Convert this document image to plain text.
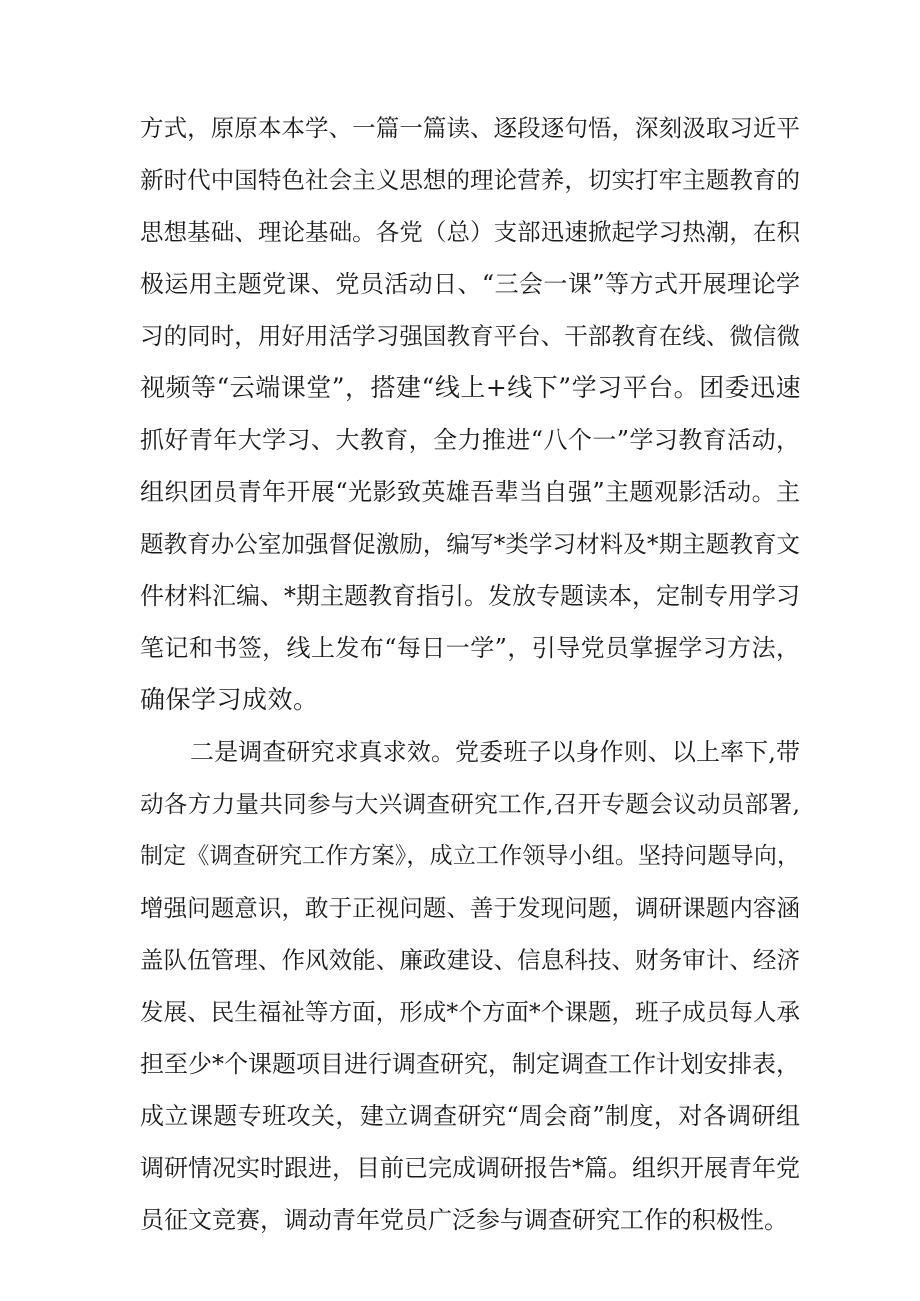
方式，原原本本学、一篇一篇读、逐段逐句悟，深刻汲取习近平
新时代中国特色社会主义思想的理论营养，切实打牢主题教育的
思想基础、理论基础。各党（总）支部迅速掀起学习热潮，在积
极运用主题党课、党员活动日、“三会一课”等方式开展理论学
习的同时，用好用活学习强国教育平台、干部教育在线、微信微
视频等“云端课堂”，搭建“线上+线下”学习平台。团委迅速
抓好青年大学习、大教育，全力推进“八个一”学习教育活动，
组织团员青年开展“光影致英雄吾辈当自强”主题观影活动。主
题教育办公室加强督促激励，编写*类学习材料及*期主题教育文
件材料汇编、*期主题教育指引。发放专题读本，定制专用学习
笔记和书签，线上发布“每日一学”，引导党员掌握学习方法，
确保学习成效。
二是调查研究求真求效。党委班子以身作则、以上率下,带
动各方力量共同参与大兴调查研究工作,召开专题会议动员部署,
制定《调查研究工作方案》，成立工作领导小组。坚持问题导向，
增强问题意识，敢于正视问题、善于发现问题，调研课题内容涵
盖队伍管理、作风效能、廉政建设、信息科技、财务审计、经济
发展、民生福祉等方面，形成*个方面*个课题，班子成员每人承
担至少*个课题项目进行调查研究，制定调查工作计划安排表，
成立课题专班攻关，建立调查研究“周会商”制度，对各调研组
调研情况实时跟进，目前已完成调研报告*篇。组织开展青年党
员征文竞赛，调动青年党员广泛参与调查研究工作的积极性。
